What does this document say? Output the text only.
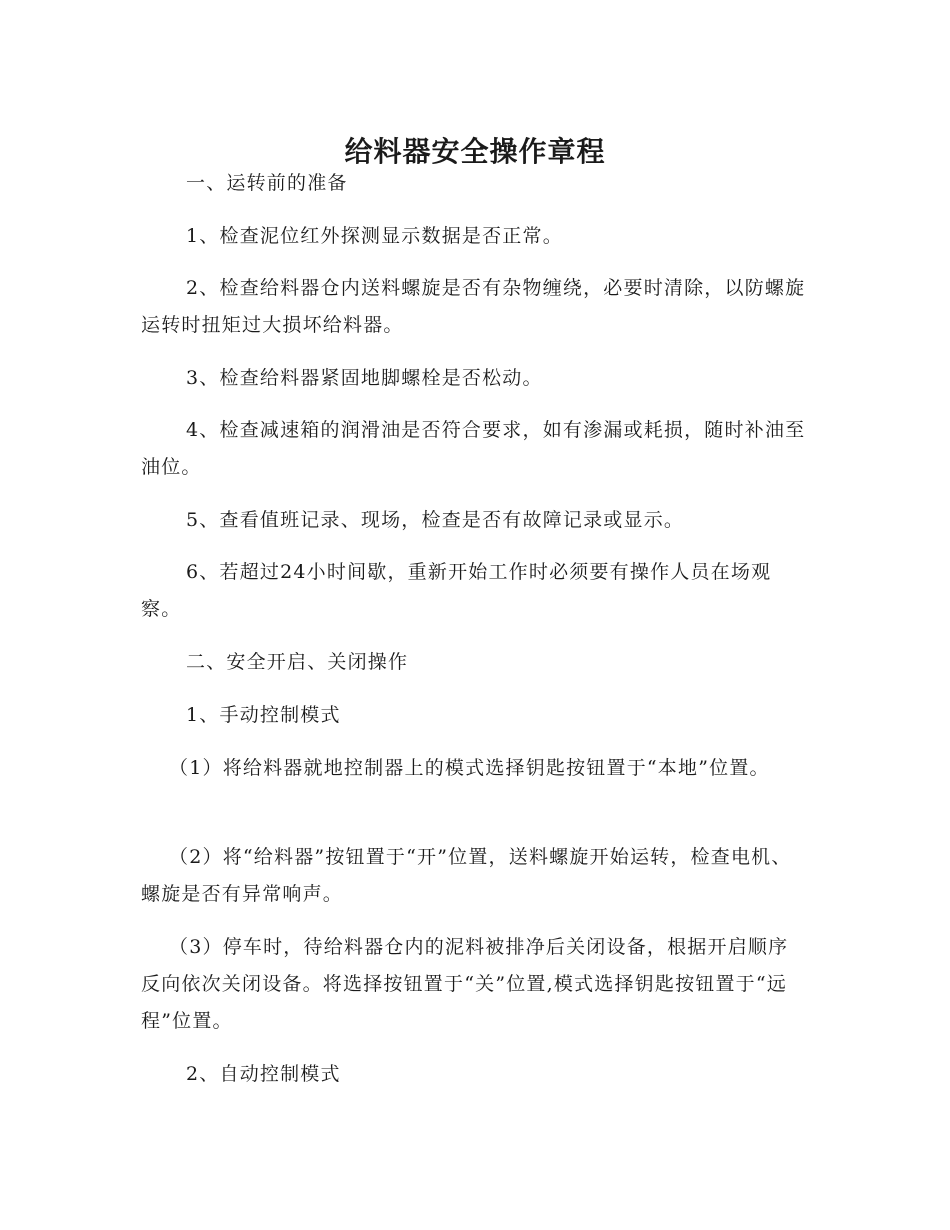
给料器安全操作章程

一、运转前的准备

1、检查泥位红外探测显示数据是否正常。

2、检查给料器仓内送料螺旋是否有杂物缠绕，必要时清除，以防螺旋运转时扭矩过大损坏给料器。

3、检查给料器紧固地脚螺栓是否松动。

4、检查减速箱的润滑油是否符合要求，如有渗漏或耗损，随时补油至油位。

5、查看值班记录、现场，检查是否有故障记录或显示。

6、若超过24小时间歇，重新开始工作时必须要有操作人员在场观察。

二、安全开启、关闭操作

1、手动控制模式

（1）将给料器就地控制器上的模式选择钥匙按钮置于“本地”位置。

（2）将“给料器”按钮置于“开”位置，送料螺旋开始运转，检查电机、螺旋是否有异常响声。

（3）停车时，待给料器仓内的泥料被排净后关闭设备，根据开启顺序反向依次关闭设备。将选择按钮置于“关”位置,模式选择钥匙按钮置于“远程”位置。

2、自动控制模式
